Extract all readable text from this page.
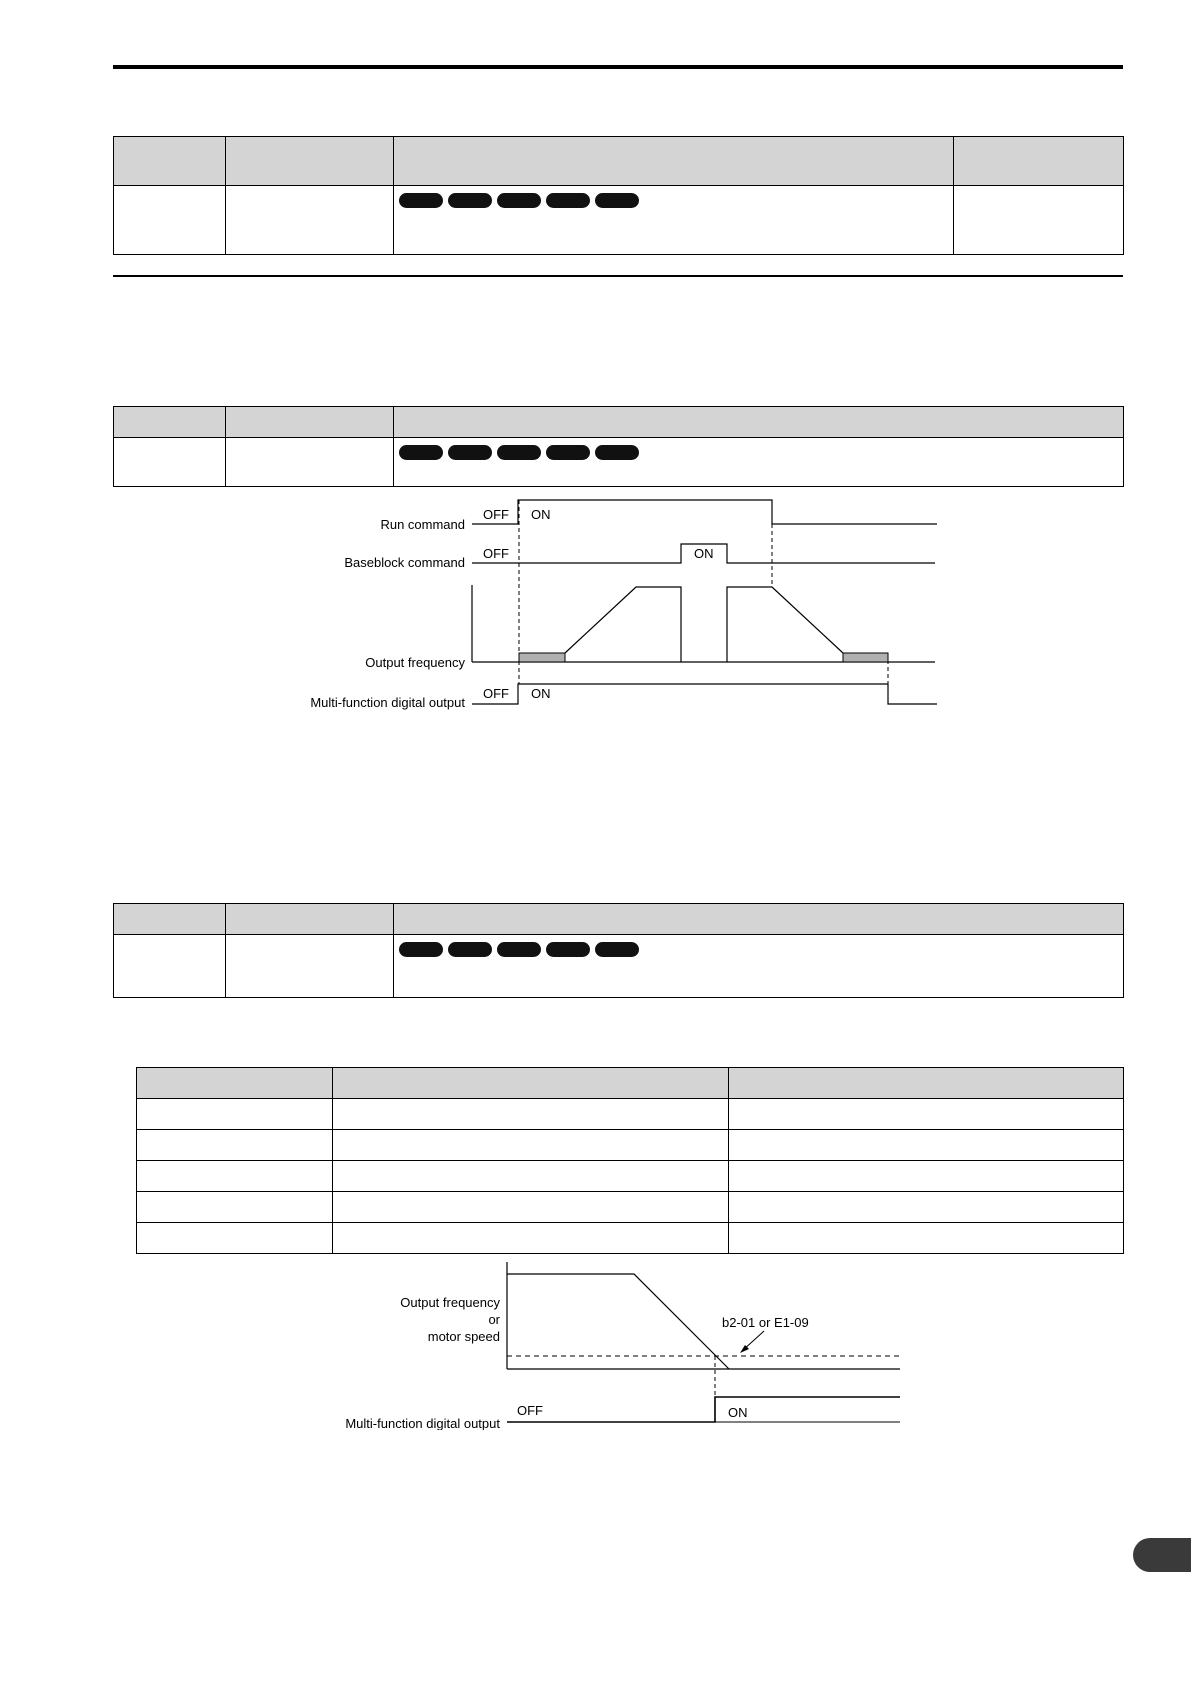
Run command
OFF ON
Baseblock command
OFF	ON
Output frequency
Multi-function digital output
OFF ON

Output frequency
or
motor speed
b2-01 or E1-09
Multi-function digital output
OFF	ON
